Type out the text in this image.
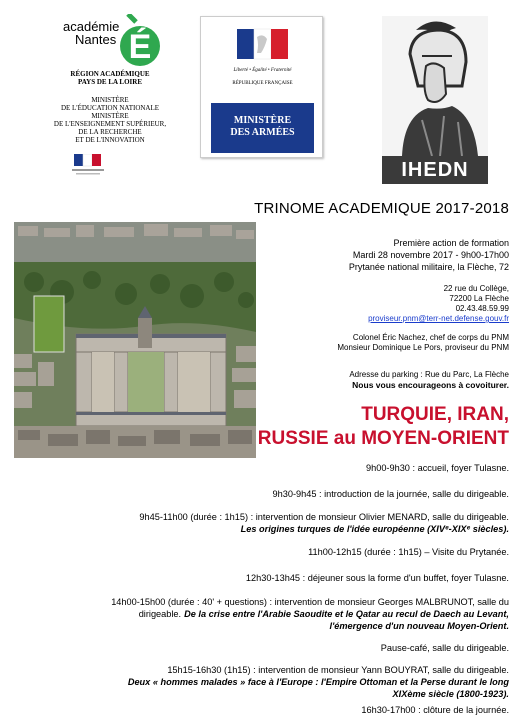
académie
Nantes É
RÉGION ACADÉMIQUE
PAYS DE LA LOIRE
MINISTÈRE
DE L'ÉDUCATION NATIONALE
MINISTÈRE
DE L'ENSEIGNEMENT SUPÉRIEUR,
DE LA RECHERCHE
ET DE L'INNOVATION
Liberté • Égalité • Fraternité
RÉPUBLIQUE FRANÇAISE
MINISTÈRE
DES ARMÉES
IHEDN
TRINOME ACADEMIQUE 2017-2018
Première action de formation
Mardi 28 novembre 2017 - 9h00-17h00
Prytanée national militaire, la Flèche, 72
22 rue du Collège,
72200 La Flèche
02.43.48.59.99
proviseur.pnm@terr-net.defense.gouv.fr
Colonel Éric Nachez, chef de corps du PNM
Monsieur Dominique Le Pors, proviseur du PNM
Adresse du parking : Rue du Parc, La Flèche
Nous vous encourageons à covoiturer.
TURQUIE, IRAN,
RUSSIE au MOYEN-ORIENT
9h00-9h30 : accueil, foyer Tulasne.
9h30-9h45 : introduction de la journée, salle du dirigeable.
9h45-11h00 (durée : 1h15) : intervention de monsieur Olivier MENARD, salle du dirigeable.
Les origines turques de l'idée européenne (XIVᵉ-XIXᵉ siècles).
11h00-12h15 (durée : 1h15) – Visite du Prytanée.
12h30-13h45 : déjeuner sous la forme d'un buffet, foyer Tulasne.
14h00-15h00 (durée : 40' + questions) : intervention de monsieur Georges MALBRUNOT, salle du
dirigeable. De la crise entre l'Arabie Saoudite et le Qatar au recul de Daech au Levant,
l'émergence d'un nouveau Moyen-Orient.
Pause-café, salle du dirigeable.
15h15-16h30 (1h15) : intervention de monsieur Yann BOUYRAT, salle du dirigeable.
Deux « hommes malades » face à l'Europe : l'Empire Ottoman et la Perse durant le long
XIXème siècle (1800-1923).
16h30-17h00 : clôture de la journée.
